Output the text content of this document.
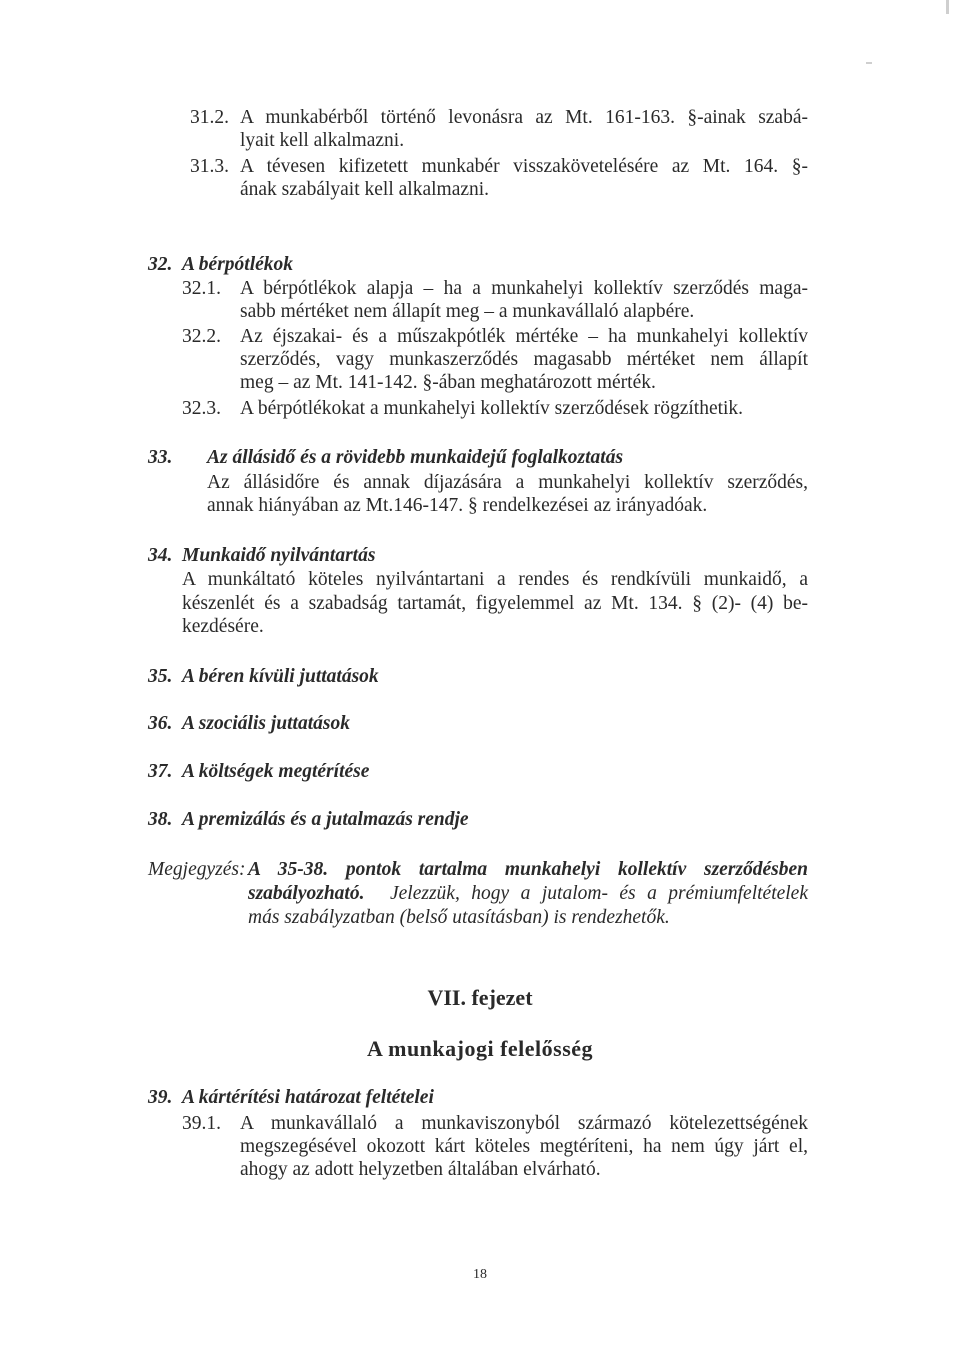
31.2. A munkabérből történő levonásra az Mt. 161-163. §-ainak szabá-
lyait kell alkalmazni.
31.3. A tévesen kifizetett munkabér visszakövetelésére az Mt. 164. §-
ának szabályait kell alkalmazni.
32. A bérpótlékok
32.1. A bérpótlékok alapja – ha a munkahelyi kollektív szerződés maga-
sabb mértéket nem állapít meg – a munkavállaló alapbére.
32.2. Az éjszakai- és a műszakpótlék mértéke – ha munkahelyi kollektív
szerződés, vagy munkaszerződés magasabb mértéket nem állapít
meg – az Mt. 141-142. §-ában meghatározott mérték.
32.3. A bérpótlékokat a munkahelyi kollektív szerződések rögzíthetik.
33. Az állásidő és a rövidebb munkaidejű foglalkoztatás
Az állásidőre és annak díjazására a munkahelyi kollektív szerződés,
annak hiányában az Mt.146-147. § rendelkezései az irányadóak.
34. Munkaidő nyilvántartás
A munkáltató köteles nyilvántartani a rendes és rendkívüli munkaidő, a
készenlét és a szabadság tartamát, figyelemmel az Mt. 134. § (2)- (4) be-
kezdésére.
35. A béren kívüli juttatások
36. A szociális juttatások
37. A költségek megtérítése
38. A premizálás és a jutalmazás rendje
Megjegyzés: A 35-38. pontok tartalma munkahelyi kollektív szerződésben
szabályozható. Jelezzük, hogy a jutalom- és a prémiumfeltételek
más szabályzatban (belső utasításban) is rendezhetők.
VII. fejezet
A munkajogi felelősség
39. A kártérítési határozat feltételei
39.1. A munkavállaló a munkaviszonyból származó kötelezettségének
megszegésével okozott kárt köteles megtéríteni, ha nem úgy járt el,
ahogy az adott helyzetben általában elvárható.
18
